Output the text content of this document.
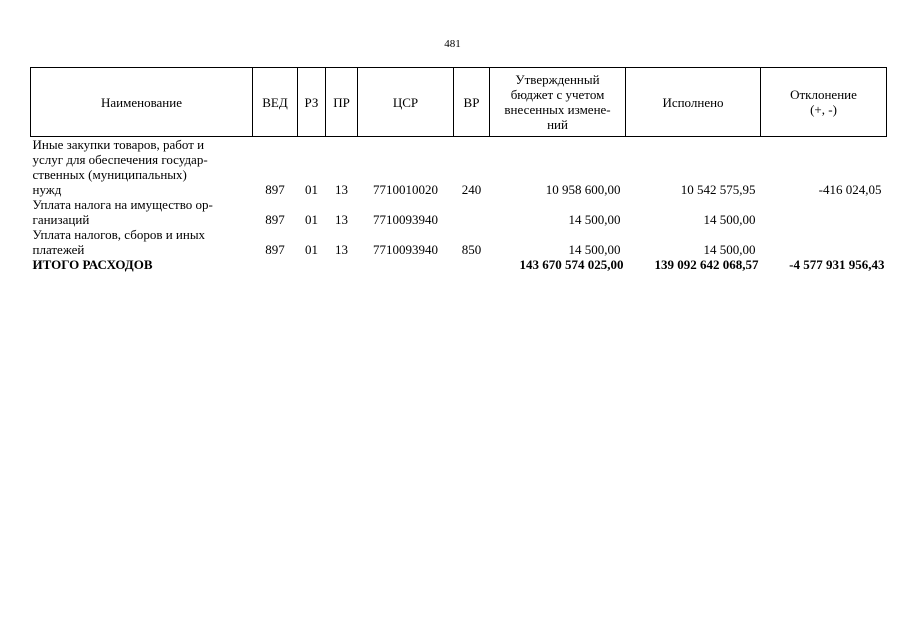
481
Наименование	ВЕД	РЗ	ПР	ЦСР	ВР	Утвержденный
бюджет с учетом
внесенных измене-
ний	Исполнено	Отклонение
(+, -)
Иные закупки товаров, работ и
услуг для обеспечения государ-
ственных (муниципальных)
нужд	897	01	13	7710010020	240	10 958 600,00	10 542 575,95	-416 024,05
Уплата налога на имущество ор-
ганизаций	897	01	13	7710093940		14 500,00	14 500,00	
Уплата налогов, сборов и иных
платежей	897	01	13	7710093940	850	14 500,00	14 500,00	
ИТОГО РАСХОДОВ						143 670 574 025,00	139 092 642 068,57	-4 577 931 956,43
